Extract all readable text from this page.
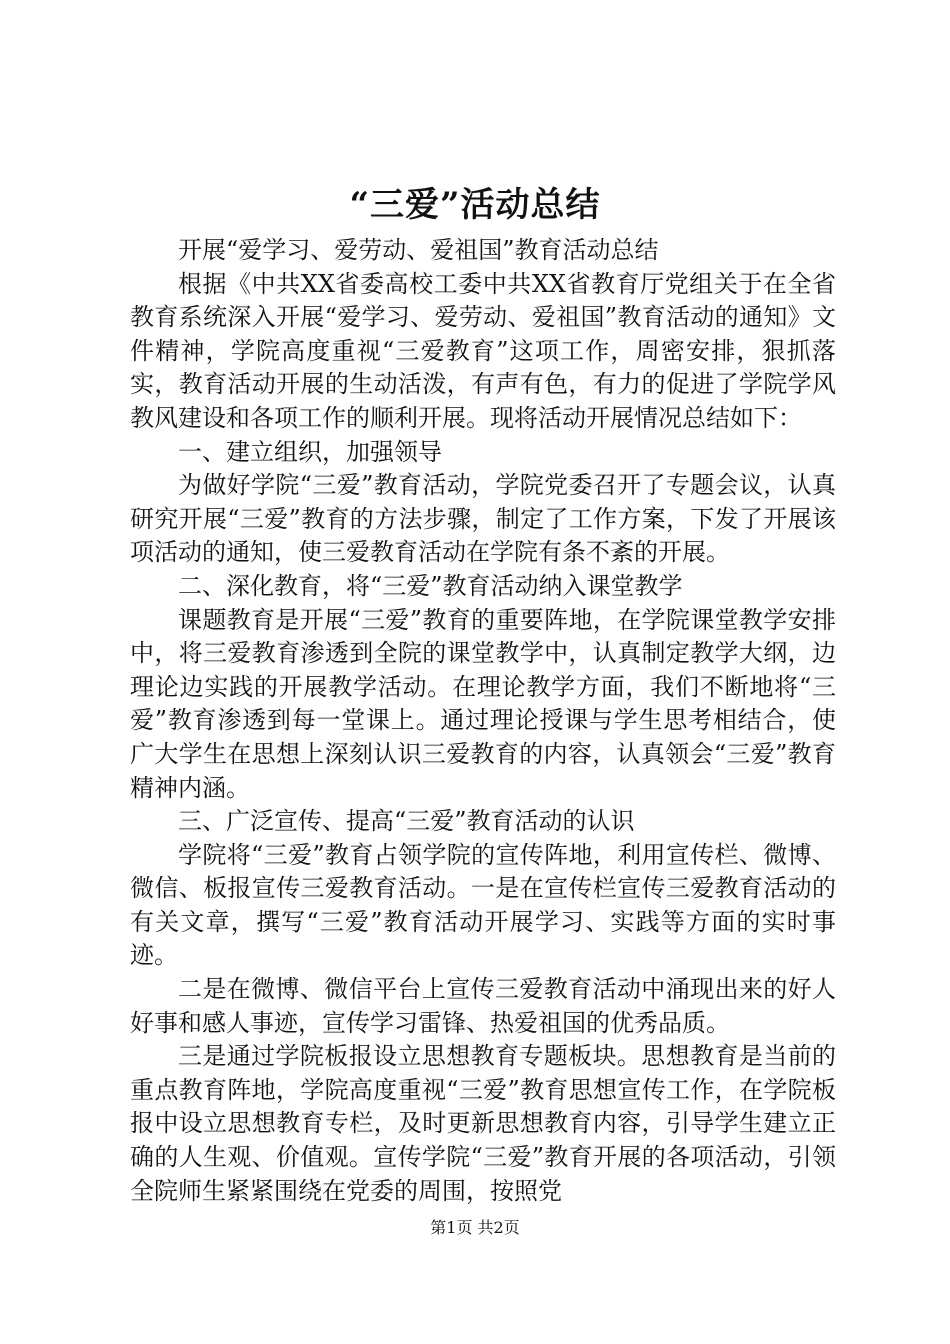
“三爱”活动总结

开展“爱学习、爱劳动、爱祖国”教育活动总结

根据《中共XX省委高校工委中共XX省教育厅党组关于在全省教育系统深入开展“爱学习、爱劳动、爱祖国”教育活动的通知》文件精神，学院高度重视“三爱教育”这项工作，周密安排，狠抓落实，教育活动开展的生动活泼，有声有色，有力的促进了学院学风教风建设和各项工作的顺利开展。现将活动开展情况总结如下：

一、建立组织，加强领导

为做好学院“三爱”教育活动，学院党委召开了专题会议，认真研究开展“三爱”教育的方法步骤，制定了工作方案，下发了开展该项活动的通知，使三爱教育活动在学院有条不紊的开展。

二、深化教育，将“三爱”教育活动纳入课堂教学

课题教育是开展“三爱”教育的重要阵地，在学院课堂教学安排中，将三爱教育渗透到全院的课堂教学中，认真制定教学大纲，边理论边实践的开展教学活动。在理论教学方面，我们不断地将“三爱”教育渗透到每一堂课上。通过理论授课与学生思考相结合，使广大学生在思想上深刻认识三爱教育的内容，认真领会“三爱”教育精神内涵。

三、广泛宣传、提高“三爱”教育活动的认识

学院将“三爱”教育占领学院的宣传阵地，利用宣传栏、微博、微信、板报宣传三爱教育活动。一是在宣传栏宣传三爱教育活动的有关文章，撰写“三爱”教育活动开展学习、实践等方面的实时事迹。

二是在微博、微信平台上宣传三爱教育活动中涌现出来的好人好事和感人事迹，宣传学习雷锋、热爱祖国的优秀品质。

三是通过学院板报设立思想教育专题板块。思想教育是当前的重点教育阵地，学院高度重视“三爱”教育思想宣传工作，在学院板报中设立思想教育专栏，及时更新思想教育内容，引导学生建立正确的人生观、价值观。宣传学院“三爱”教育开展的各项活动，引领全院师生紧紧围绕在党委的周围，按照党

第1页 共2页
